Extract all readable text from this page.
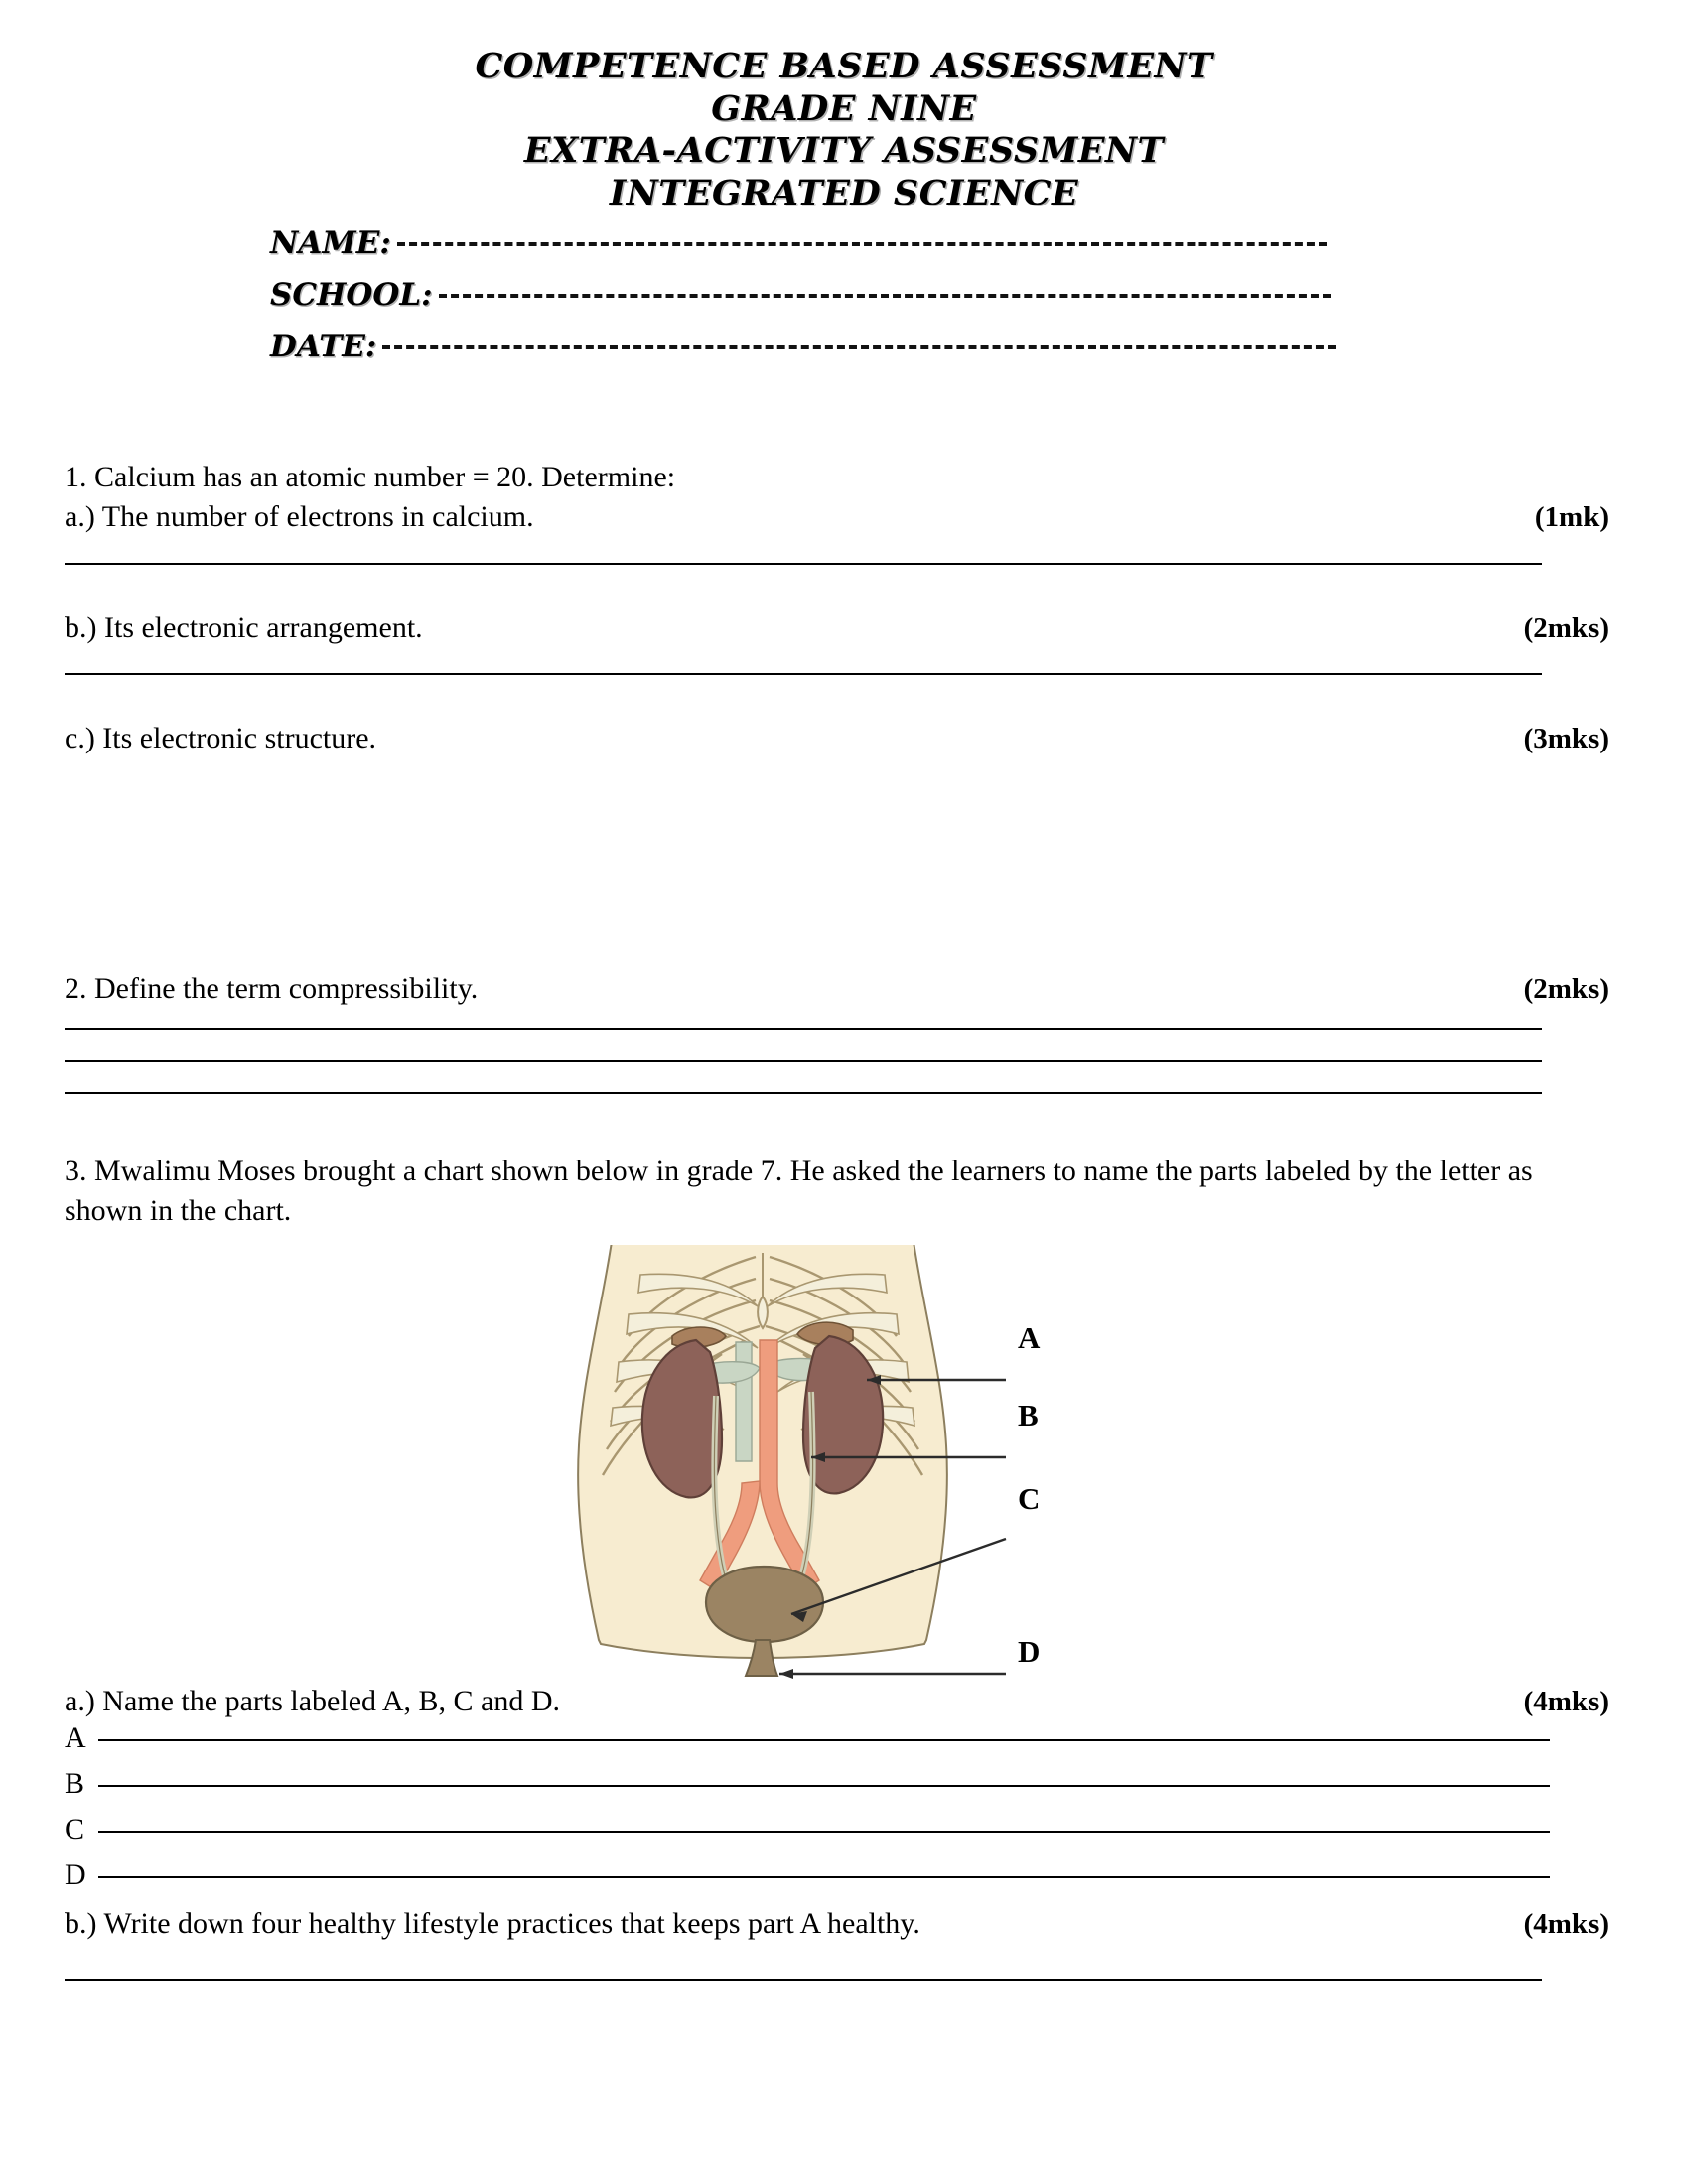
COMPETENCE BASED ASSESSMENT
GRADE NINE
EXTRA-ACTIVITY ASSESSMENT
INTEGRATED SCIENCE
NAME:
SCHOOL:
DATE:
1. Calcium has an atomic number = 20. Determine:
a.) The number of electrons in calcium.	(1mk)
b.) Its electronic arrangement.	(2mks)
c.) Its electronic structure.	(3mks)
2. Define the term compressibility.	(2mks)
3. Mwalimu Moses brought a chart shown below in grade 7. He asked the learners to name the parts labeled by the letter as shown in the chart.
A
B
C
D
a.) Name the parts labeled A, B, C and D.	(4mks)
A
B
C
D
b.) Write down four healthy lifestyle practices that keeps part A healthy.	(4mks)
